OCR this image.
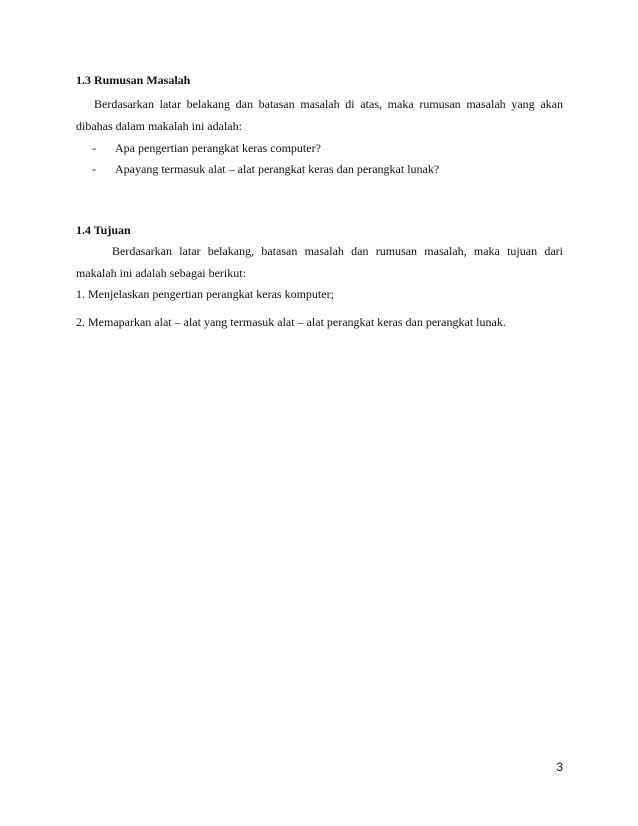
1.3 Rumusan Masalah
Berdasarkan latar belakang dan batasan masalah di atas, maka rumusan masalah yang akan
dibahas dalam makalah ini adalah:
- Apa pengertian perangkat keras computer?
- Apayang termasuk alat – alat perangkat keras dan perangkat lunak?
1.4 Tujuan
Berdasarkan latar belakang, batasan masalah dan rumusan masalah, maka tujuan dari
makalah ini adalah sebagai berikut:
1. Menjelaskan pengertian perangkat keras komputer;
2. Memaparkan alat – alat yang termasuk alat – alat perangkat keras dan perangkat lunak.
3
